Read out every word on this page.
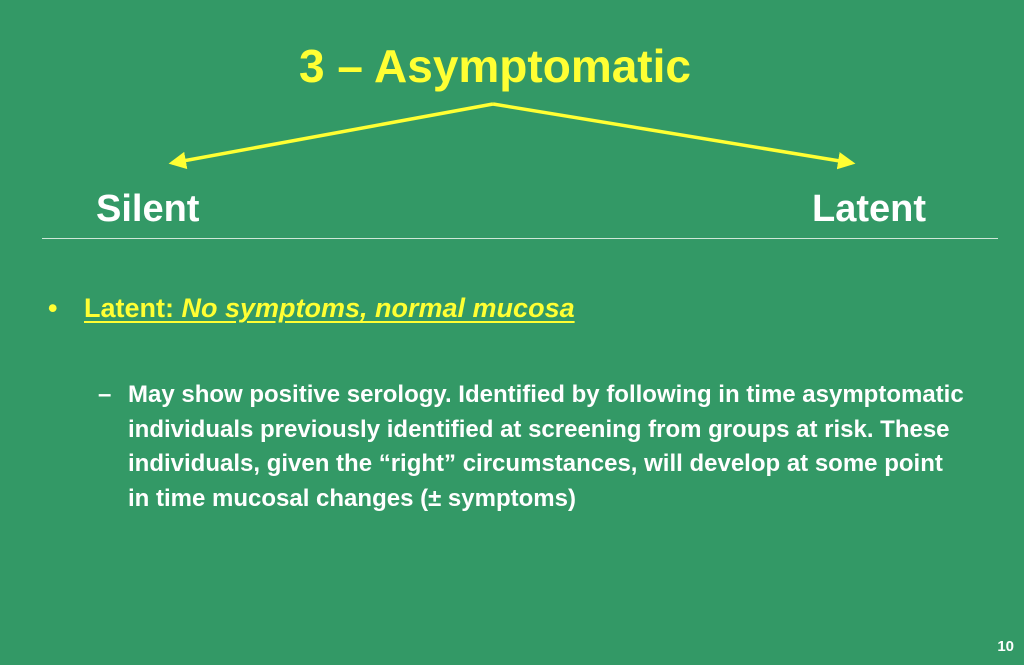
3 – Asymptomatic
Silent	Latent
• Latent: No symptoms, normal mucosa
– May show positive serology. Identified by following in time asymptomatic individuals previously identified at screening from groups at risk. These individuals, given the “right” circumstances, will develop at some point in time mucosal changes (± symptoms)
10
